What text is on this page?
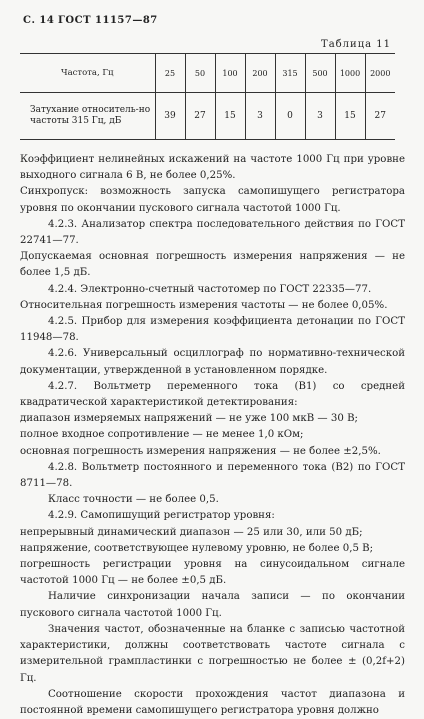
С. 14 ГОСТ 11157—87
Таблица 11
Частота, Гц	25	50	100	200	315	500	1000	2000
Затухание относитель-но частоты 315 Гц, дБ	39	27	15	3	0	3	15	27

Коэффициент нелинейных искажений на частоте 1000 Гц при уровне выходного сигнала 6 В, не более 0,25%.

Синхропуск: возможность запуска самопишущего регистратора уровня по окончании пускового сигнала частотой 1000 Гц.

4.2.3. Анализатор спектра последовательного действия по ГОСТ 22741—77.

Допускаемая основная погрешность измерения напряжения — не более 1,5 дБ.

4.2.4. Электронно-счетный частотомер по ГОСТ 22335—77.

Относительная погрешность измерения частоты — не более 0,05%.

4.2.5. Прибор для измерения коэффициента детонации по ГОСТ 11948—78.

4.2.6. Универсальный осциллограф по нормативно-технической документации, утвержденной в установленном порядке.

4.2.7. Вольтметр переменного тока (В1) со средней квадратической характеристикой детектирования:

диапазон измеряемых напряжений — не уже 100 мкВ — 30 В;

полное входное сопротивление — не менее 1,0 кОм;

основная погрешность измерения напряжения — не более ±2,5%.

4.2.8. Вольтметр постоянного и переменного тока (В2) по ГОСТ 8711—78.

Класс точности — не более 0,5.

4.2.9. Самопишущий регистратор уровня:

непрерывный динамический диапазон — 25 или 30, или 50 дБ;

напряжение, соответствующее нулевому уровню, не более 0,5 В;

погрешность регистрации уровня на синусоидальном сигнале частотой 1000 Гц — не более ±0,5 дБ.

Наличие синхронизации начала записи — по окончании пускового сигнала частотой 1000 Гц.

Значения частот, обозначенные на бланке с записью частотной характеристики, должны соответствовать частоте сигнала с измерительной грампластинки с погрешностью не более ± (0,2f+2) Гц.

Соотношение скорости прохождения частот диапазона и постоянной времени самопишущего регистратора уровня должно
